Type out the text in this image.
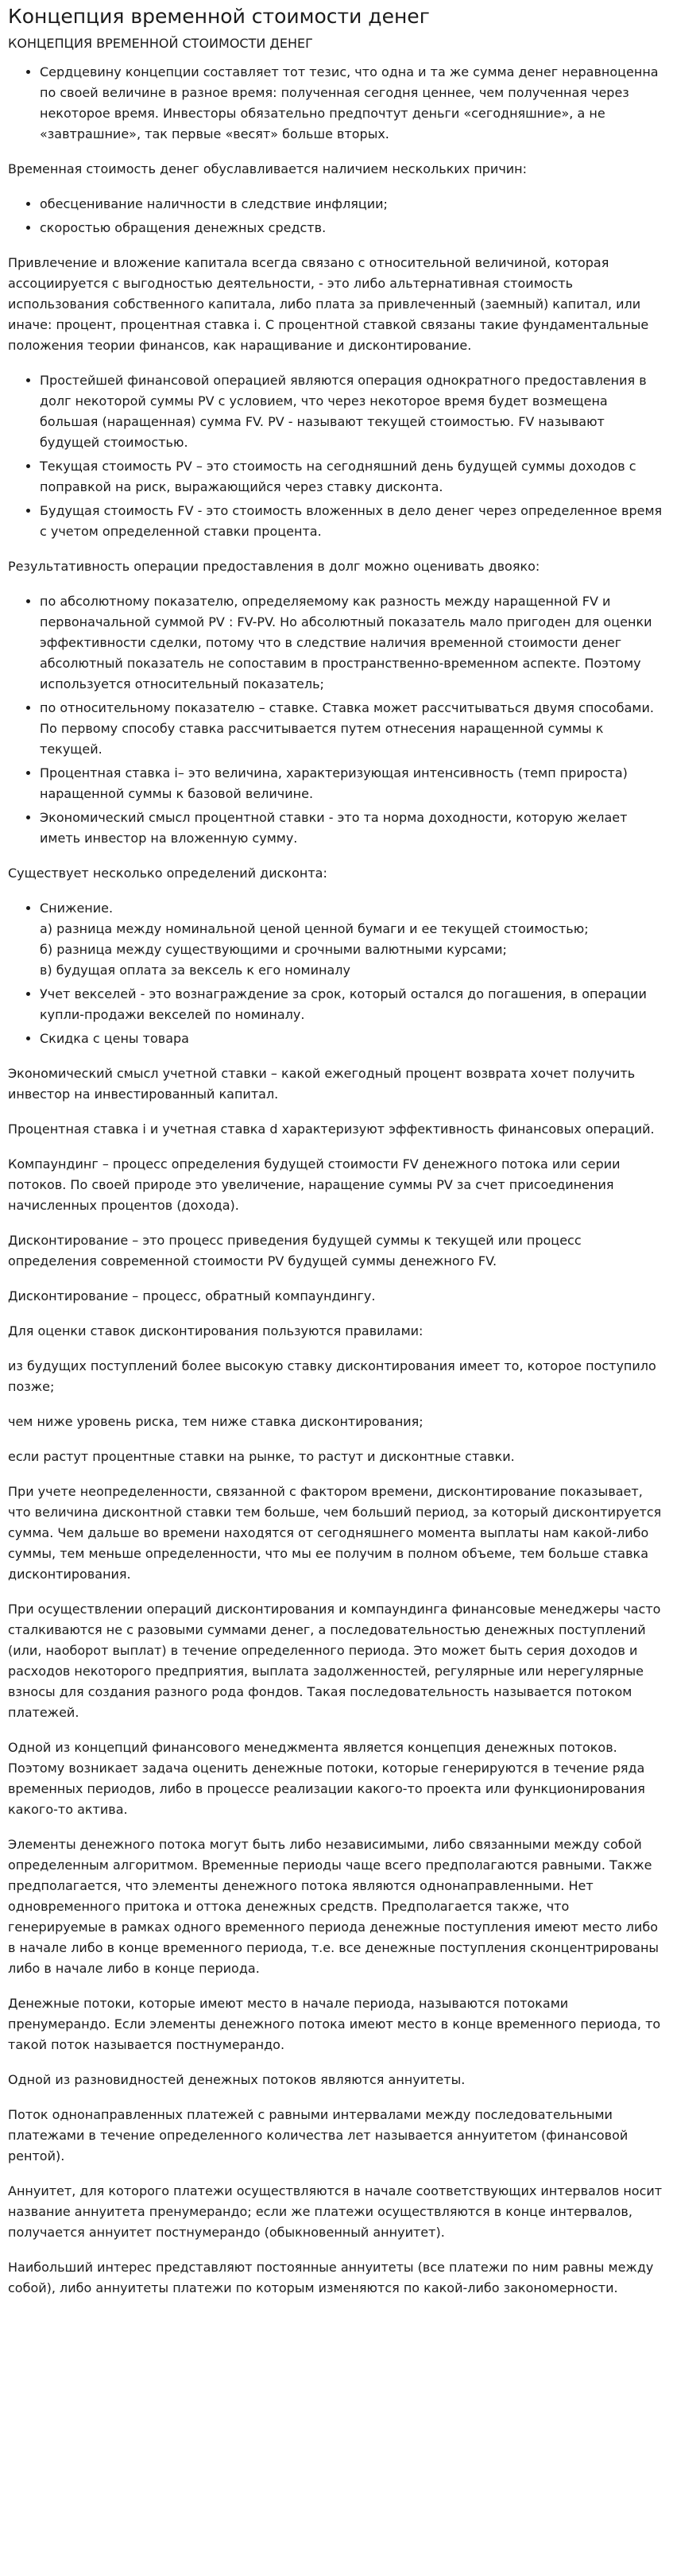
Концепция временной стоимости денег
КОНЦЕПЦИЯ ВРЕМЕННОЙ СТОИМОСТИ ДЕНЕГ
• Сердцевину концепции составляет тот тезис, что одна и та же сумма денег неравноценна по своей величине в разное время: полученная сегодня ценнее, чем полученная через некоторое время. Инвесторы обязательно предпочтут деньги «сегодняшние», а не «завтрашние», так первые «весят» больше вторых.

Временная стоимость денег обуславливается наличием нескольких причин:

• обесценивание наличности в следствие инфляции;
• скоростью обращения денежных средств.

Привлечение и вложение капитала всегда связано с относительной величиной, которая ассоциируется с выгодностью деятельности, - это либо альтернативная стоимость использования собственного капитала, либо плата за привлеченный (заемный) капитал, или иначе: процент, процентная ставка i. С процентной ставкой связаны такие фундаментальные положения теории финансов, как наращивание и дисконтирование.

• Простейшей финансовой операцией являются операция однократного предоставления в долг некоторой суммы PV с условием, что через некоторое время будет возмещена большая (наращенная) сумма FV. PV - называют текущей стоимостью. FV называют будущей стоимостью.
• Текущая стоимость PV – это стоимость на сегодняшний день будущей суммы доходов с поправкой на риск, выражающийся через ставку дисконта.
• Будущая стоимость FV - это стоимость вложенных в дело денег через определенное время с учетом определенной ставки процента.

Результативность операции предоставления в долг можно оценивать двояко:

• по абсолютному показателю, определяемому как разность между наращенной FV и первоначальной суммой PV : FV-PV. Но абсолютный показатель мало пригоден для оценки эффективности сделки, потому что в следствие наличия временной стоимости денег абсолютный показатель не сопоставим в пространственно-временном аспекте. Поэтому используется относительный показатель;
• по относительному показателю – ставке. Ставка может рассчитываться двумя способами. По первому способу ставка рассчитывается путем отнесения наращенной суммы к текущей.
• Процентная ставка i– это величина, характеризующая интенсивность (темп прироста) наращенной суммы к базовой величине.
• Экономический смысл процентной ставки - это та норма доходности, которую желает иметь инвестор на вложенную сумму.

Существует несколько определений дисконта:

• Снижение.
а) разница между номинальной ценой ценной бумаги и ее текущей стоимостью;
б) разница между существующими и срочными валютными курсами;
в) будущая оплата за вексель к его номиналу
• Учет векселей - это вознаграждение за срок, который остался до погашения, в операции купли-продажи векселей по номиналу.
• Скидка с цены товара

Экономический смысл учетной ставки – какой ежегодный процент возврата хочет получить инвестор на инвестированный капитал.

Процентная ставка i и учетная ставка d характеризуют эффективность финансовых операций.

Компаундинг – процесс определения будущей стоимости FV денежного потока или серии потоков. По своей природе это увеличение, наращение суммы PV за счет присоединения начисленных процентов (дохода).

Дисконтирование – это процесс приведения будущей суммы к текущей или процесс определения современной стоимости PV будущей суммы денежного FV.

Дисконтирование – процесс, обратный компаундингу.

Для оценки ставок дисконтирования пользуются правилами:

из будущих поступлений более высокую ставку дисконтирования имеет то, которое поступило позже;

чем ниже уровень риска, тем ниже ставка дисконтирования;

если растут процентные ставки на рынке, то растут и дисконтные ставки.

При учете неопределенности, связанной с фактором времени, дисконтирование показывает, что величина дисконтной ставки тем больше, чем больший период, за который дисконтируется сумма. Чем дальше во времени находятся от сегодняшнего момента выплаты нам какой-либо суммы, тем меньше определенности, что мы ее получим в полном объеме, тем больше ставка дисконтирования.

При осуществлении операций дисконтирования и компаундинга финансовые менеджеры часто сталкиваются не с разовыми суммами денег, а последовательностью денежных поступлений (или, наоборот выплат) в течение определенного периода. Это может быть серия доходов и расходов некоторого предприятия, выплата задолженностей, регулярные или нерегулярные взносы для создания разного рода фондов. Такая последовательность называется потоком платежей.

Одной из концепций финансового менеджмента является концепция денежных потоков. Поэтому возникает задача оценить денежные потоки, которые генерируются в течение ряда временных периодов, либо в процессе реализации какого-то проекта или функционирования какого-то актива.

Элементы денежного потока могут быть либо независимыми, либо связанными между собой определенным алгоритмом. Временные периоды чаще всего предполагаются равными. Также предполагается, что элементы денежного потока являются однонаправленными. Нет одновременного притока и оттока денежных средств. Предполагается также, что генерируемые в рамках одного временного периода денежные поступления имеют место либо в начале либо в конце временного периода, т.е. все денежные поступления сконцентрированы либо в начале либо в конце периода.

Денежные потоки, которые имеют место в начале периода, называются потоками пренумерандо. Если элементы денежного потока имеют место в конце временного периода, то такой поток называется постнумерандо.

Одной из разновидностей денежных потоков являются аннуитеты.

Поток однонаправленных платежей с равными интервалами между последовательными платежами в течение определенного количества лет называется аннуитетом (финансовой рентой).

Аннуитет, для которого платежи осуществляются в начале соответствующих интервалов носит название аннуитета пренумерандо; если же платежи осуществляются в конце интервалов, получается аннуитет постнумерандо (обыкновенный аннуитет).

Наибольший интерес представляют постоянные аннуитеты (все платежи по ним равны между собой), либо аннуитеты платежи по которым изменяются по какой-либо закономерности.
